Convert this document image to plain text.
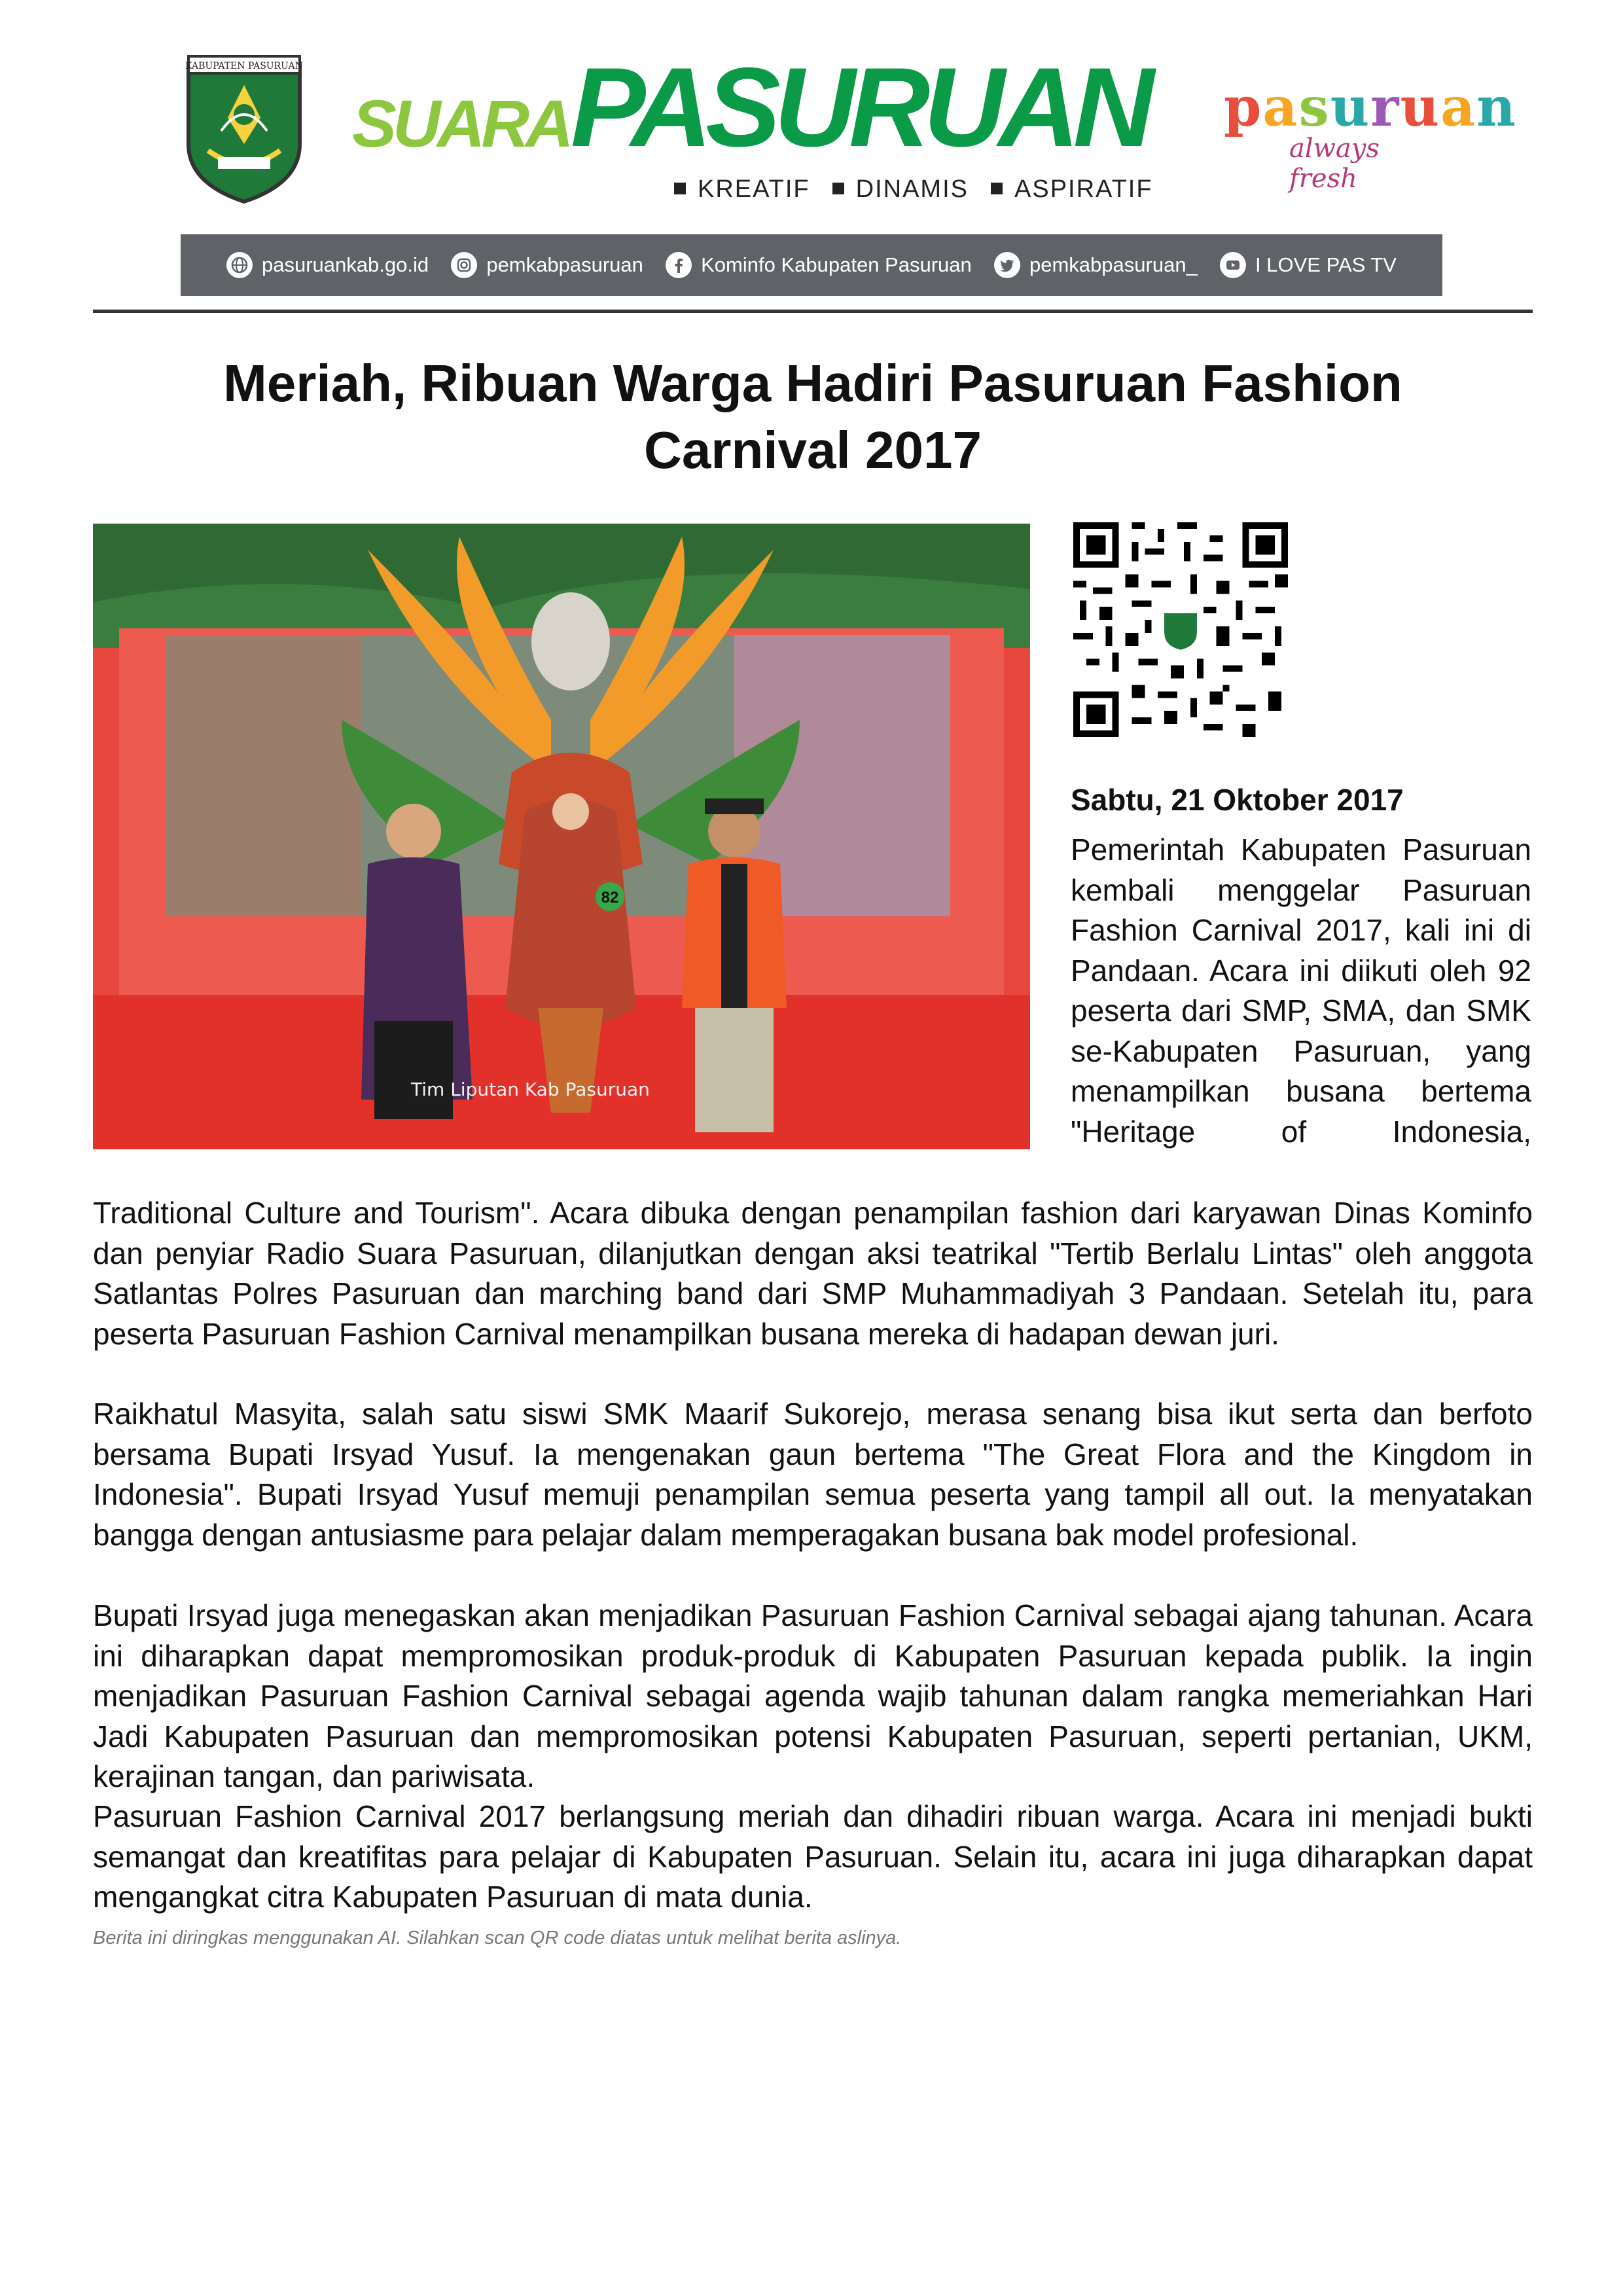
KABUPATEN PASURUAN
SUARA PASURUAN
KREATIF	DINAMIS	ASPIRATIF
pasuruan
always fresh
pasuruankab.go.id	pemkabpasuruan	Kominfo Kabupaten Pasuruan	pemkabpasuruan_	I LOVE PAS TV
Meriah, Ribuan Warga Hadiri Pasuruan Fashion
Carnival 2017
82
Tim Liputan Kab Pasuruan
Sabtu, 21 Oktober 2017
Pemerintah Kabupaten Pasuruan kembali menggelar Pasuruan Fashion Carnival 2017, kali ini di Pandaan. Acara ini diikuti oleh 92 peserta dari SMP, SMA, dan SMK se-Kabupaten Pasuruan, yang menampilkan busana bertema "Heritage of Indonesia,
Traditional Culture and Tourism". Acara dibuka dengan penampilan fashion dari karyawan Dinas Kominfo dan penyiar Radio Suara Pasuruan, dilanjutkan dengan aksi teatrikal "Tertib Berlalu Lintas" oleh anggota Satlantas Polres Pasuruan dan marching band dari SMP Muhammadiyah 3 Pandaan. Setelah itu, para peserta Pasuruan Fashion Carnival menampilkan busana mereka di hadapan dewan juri.
Raikhatul Masyita, salah satu siswi SMK Maarif Sukorejo, merasa senang bisa ikut serta dan berfoto bersama Bupati Irsyad Yusuf. Ia mengenakan gaun bertema "The Great Flora and the Kingdom in Indonesia". Bupati Irsyad Yusuf memuji penampilan semua peserta yang tampil all out. Ia menyatakan bangga dengan antusiasme para pelajar dalam memperagakan busana bak model profesional.
Bupati Irsyad juga menegaskan akan menjadikan Pasuruan Fashion Carnival sebagai ajang tahunan. Acara ini diharapkan dapat mempromosikan produk-produk di Kabupaten Pasuruan kepada publik. Ia ingin menjadikan Pasuruan Fashion Carnival sebagai agenda wajib tahunan dalam rangka memeriahkan Hari Jadi Kabupaten Pasuruan dan mempromosikan potensi Kabupaten Pasuruan, seperti pertanian, UKM, kerajinan tangan, dan pariwisata.
Pasuruan Fashion Carnival 2017 berlangsung meriah dan dihadiri ribuan warga. Acara ini menjadi bukti semangat dan kreatifitas para pelajar di Kabupaten Pasuruan. Selain itu, acara ini juga diharapkan dapat mengangkat citra Kabupaten Pasuruan di mata dunia.
Berita ini diringkas menggunakan AI. Silahkan scan QR code diatas untuk melihat berita aslinya.
